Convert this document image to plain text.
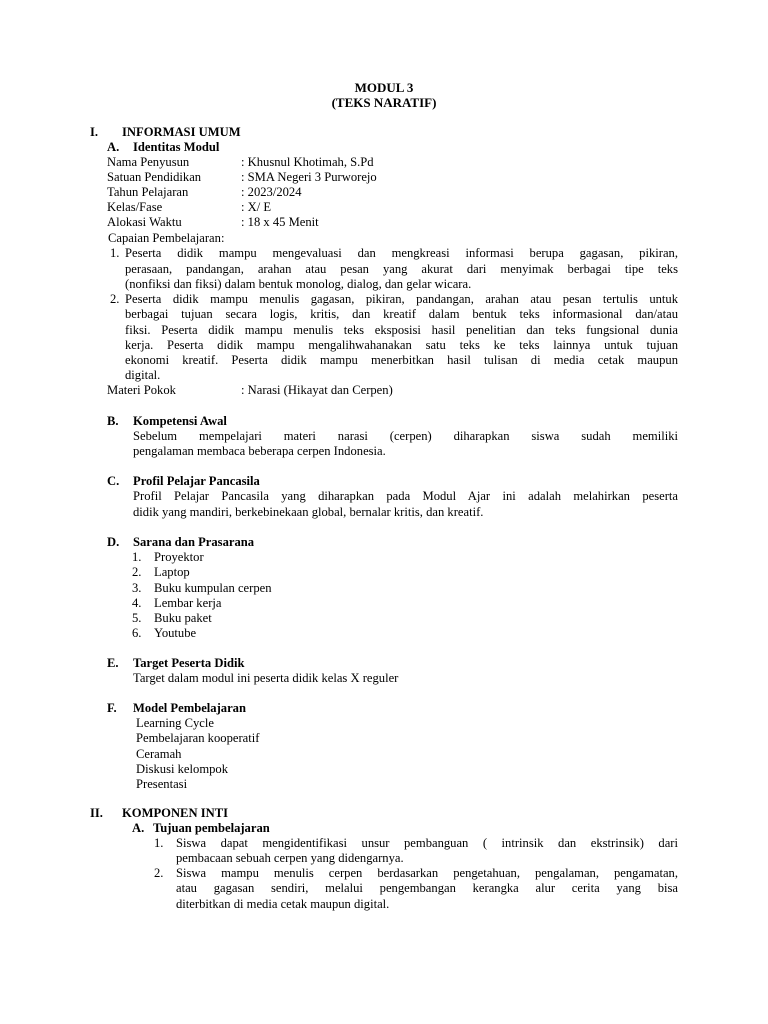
MODUL 3
(TEKS NARATIF)
I. INFORMASI UMUM
A. Identitas Modul
Nama Penyusun	: Khusnul Khotimah, S.Pd
Satuan Pendidikan	: SMA Negeri 3 Purworejo
Tahun Pelajaran	: 2023/2024
Kelas/Fase	: X/ E
Alokasi Waktu	: 18 x 45 Menit
Capaian Pembelajaran:
1. Peserta didik mampu mengevaluasi dan mengkreasi informasi berupa gagasan, pikiran,
perasaan, pandangan, arahan atau pesan yang akurat dari menyimak berbagai tipe teks
(nonfiksi dan fiksi) dalam bentuk monolog, dialog, dan gelar wicara.
2. Peserta didik mampu menulis gagasan, pikiran, pandangan, arahan atau pesan tertulis untuk
berbagai tujuan secara logis, kritis, dan kreatif dalam bentuk teks informasional dan/atau
fiksi. Peserta didik mampu menulis teks eksposisi hasil penelitian dan teks fungsional dunia
kerja. Peserta didik mampu mengalihwahanakan satu teks ke teks lainnya untuk tujuan
ekonomi kreatif. Peserta didik mampu menerbitkan hasil tulisan di media cetak maupun
digital.
Materi Pokok	: Narasi (Hikayat dan Cerpen)
B. Kompetensi Awal
Sebelum mempelajari materi narasi (cerpen) diharapkan siswa sudah memiliki
pengalaman membaca beberapa cerpen Indonesia.
C. Profil Pelajar Pancasila
Profil Pelajar Pancasila yang diharapkan pada Modul Ajar ini adalah melahirkan peserta
didik yang mandiri, berkebinekaan global, bernalar kritis, dan kreatif.
D. Sarana dan Prasarana
1. Proyektor
2. Laptop
3. Buku kumpulan cerpen
4. Lembar kerja
5. Buku paket
6. Youtube
E. Target Peserta Didik
Target dalam modul ini peserta didik kelas X reguler
F. Model Pembelajaran
Learning Cycle
Pembelajaran kooperatif
Ceramah
Diskusi kelompok
Presentasi
II. KOMPONEN INTI
A. Tujuan pembelajaran
1. Siswa dapat mengidentifikasi unsur pembanguan ( intrinsik dan ekstrinsik) dari
pembacaan sebuah cerpen yang didengarnya.
2. Siswa mampu menulis cerpen berdasarkan pengetahuan, pengalaman, pengamatan,
atau gagasan sendiri, melalui pengembangan kerangka alur cerita yang bisa
diterbitkan di media cetak maupun digital.
